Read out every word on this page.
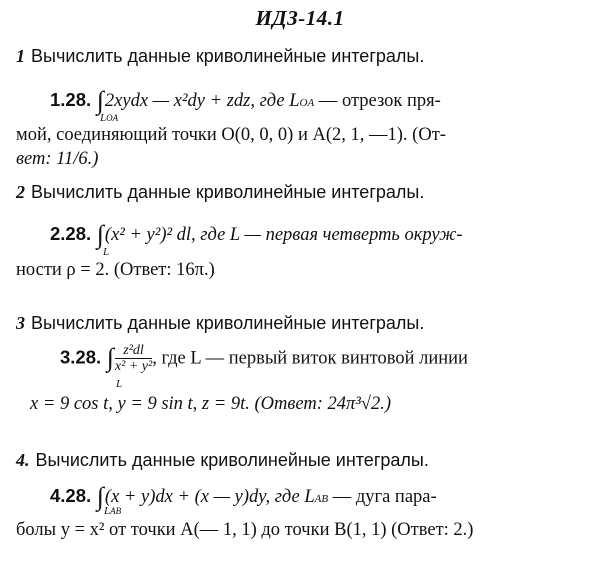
ИДЗ-14.1
1 Вычислить данные криволинейные интегралы.
1.28. ∫2xydx — x²dy + zdz, где LOA — отрезок пря-
LOA
мой, соединяющий точки O(0, 0, 0) и A(2, 1, —1). (От-
вет: 11/6.)
2 Вычислить данные криволинейные интегралы.
2.28. ∫(x² + y²)² dl, где L — первая четверть окруж-
L
ности ρ = 2. (Ответ: 16π.)
3 Вычислить данные криволинейные интегралы.
3.28. ∫ $\frac{\text{z²dl}}{\text{x² + y²}}$ , где L — первый виток винтовой линии
L
x = 9 cos t, y = 9 sin t, z = 9t. (Ответ: 24π³√2.)
4. Вычислить данные криволинейные интегралы.
4.28. ∫(x + y)dx + (x — y)dy, где LAB — дуга пара-
LAB
болы y = x² от точки A(— 1, 1) до точки B(1, 1) (Ответ: 2.)
